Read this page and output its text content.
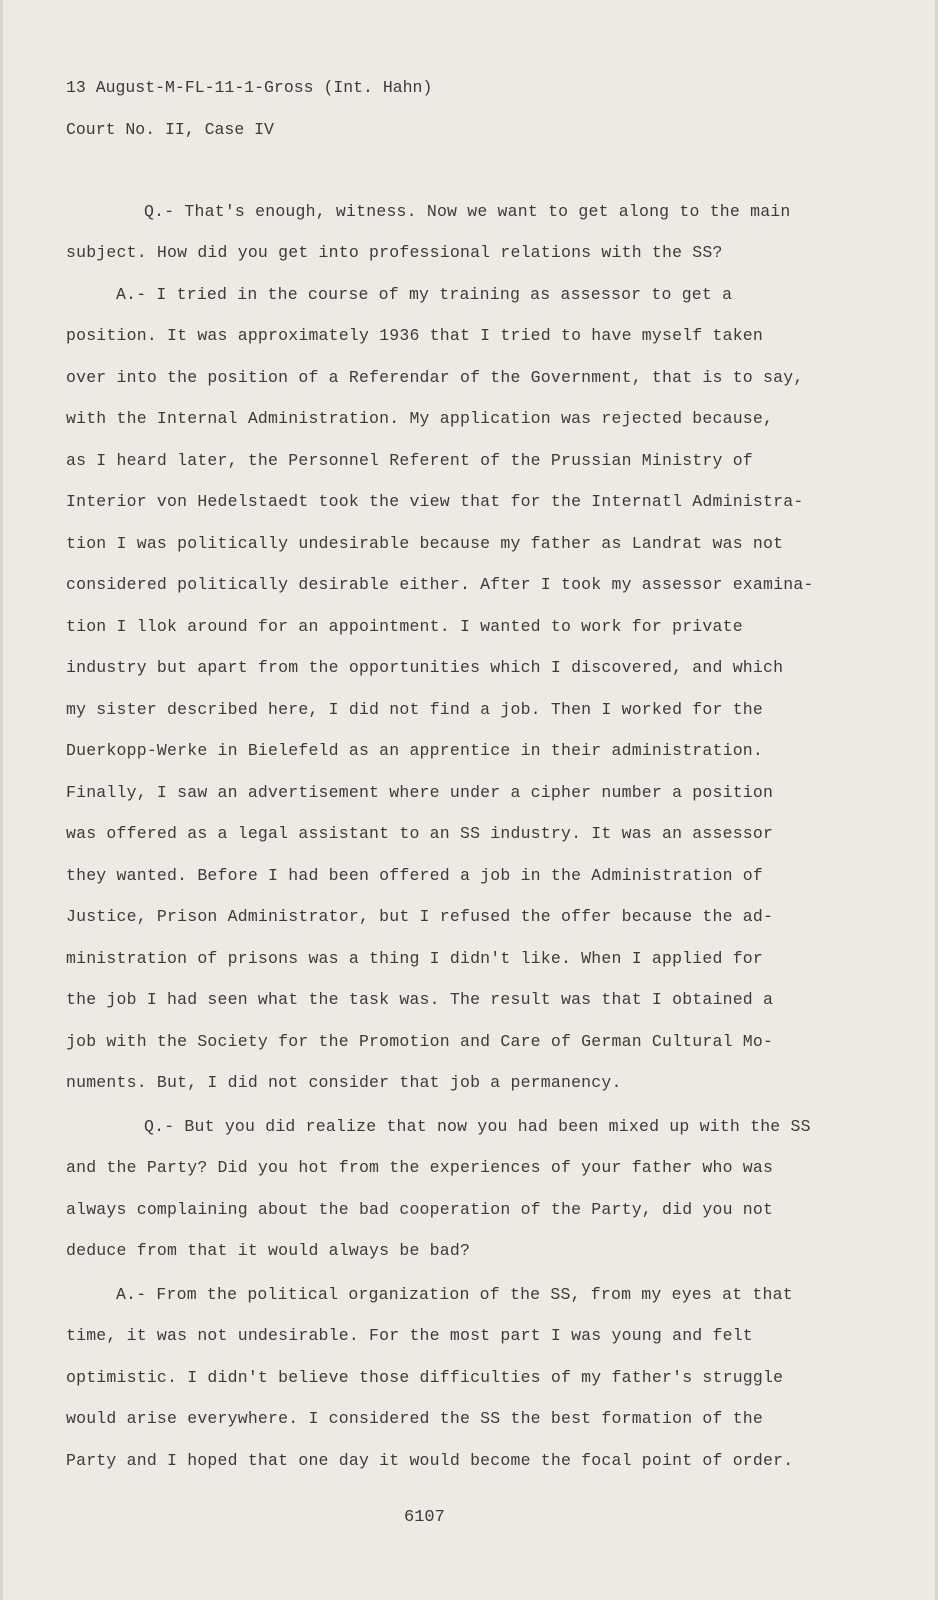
13 August-M-FL-11-1-Gross (Int. Hahn)
Court No. II, Case IV
Q.- That's enough, witness. Now we want to get along to the main
subject. How did you get into professional relations with the SS?
A.- I tried in the course of my training as assessor to get a
position. It was approximately 1936 that I tried to have myself taken
over into the position of a Referendar of the Government, that is to say,
with the Internal Administration. My application was rejected because,
as I heard later, the Personnel Referent of the Prussian Ministry of
Interior von Hedelstaedt took the view that for the Internatl Administra-
tion I was politically undesirable because my father as Landrat was not
considered politically desirable either. After I took my assessor examina-
tion I llok around for an appointment. I wanted to work for private
industry but apart from the opportunities which I discovered, and which
my sister described here, I did not find a job. Then I worked for the
Duerkopp-Werke in Bielefeld as an apprentice in their administration.
Finally, I saw an advertisement where under a cipher number a position
was offered as a legal assistant to an SS industry. It was an assessor
they wanted. Before I had been offered a job in the Administration of
Justice, Prison Administrator, but I refused the offer because the ad-
ministration of prisons was a thing I didn't like. When I applied for
the job I had seen what the task was. The result was that I obtained a
job with the Society for the Promotion and Care of German Cultural Mo-
numents. But, I did not consider that job a permanency.
Q.- But you did realize that now you had been mixed up with the SS
and the Party? Did you hot from the experiences of your father who was
always complaining about the bad cooperation of the Party, did you not
deduce from that it would always be bad?
A.- From the political organization of the SS, from my eyes at that
time, it was not undesirable. For the most part I was young and felt
optimistic. I didn't believe those difficulties of my father's struggle
would arise everywhere. I considered the SS the best formation of the
Party and I hoped that one day it would become the focal point of order.
6107
